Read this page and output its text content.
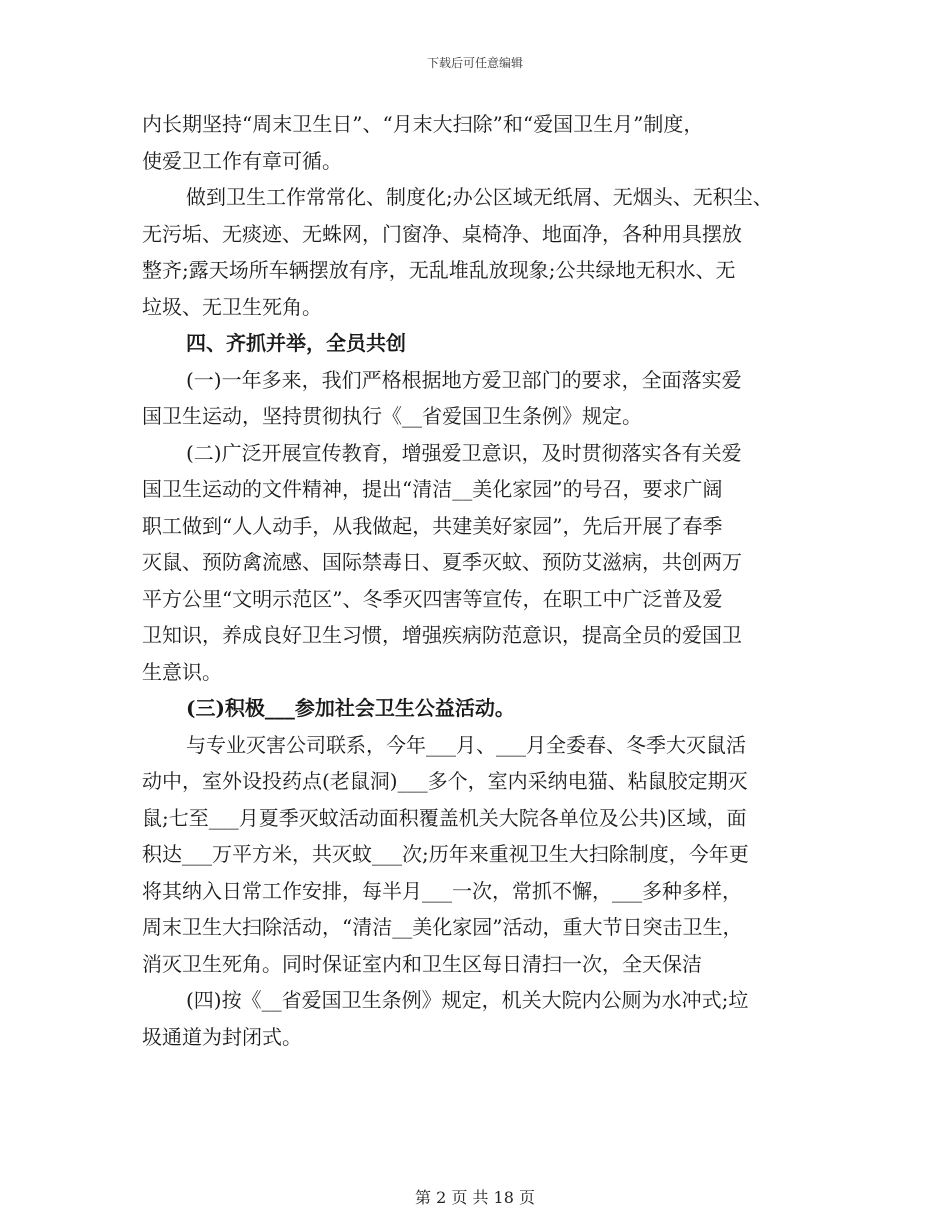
下载后可任意编辑
内长期坚持“周末卫生日”、“月末大扫除”和“爱国卫生月”制度，
使爱卫工作有章可循。
做到卫生工作常常化、制度化;办公区域无纸屑、无烟头、无积尘、
无污垢、无痰迹、无蛛网，门窗净、桌椅净、地面净，各种用具摆放
整齐;露天场所车辆摆放有序，无乱堆乱放现象;公共绿地无积水、无
垃圾、无卫生死角。
四、齐抓并举，全员共创
(一)一年多来，我们严格根据地方爱卫部门的要求，全面落实爱
国卫生运动，坚持贯彻执行《__省爱国卫生条例》规定。
(二)广泛开展宣传教育，增强爱卫意识，及时贯彻落实各有关爱
国卫生运动的文件精神，提出“清洁__美化家园”的号召，要求广阔
职工做到“人人动手，从我做起，共建美好家园”，先后开展了春季
灭鼠、预防禽流感、国际禁毒日、夏季灭蚊、预防艾滋病，共创两万
平方公里“文明示范区”、冬季灭四害等宣传，在职工中广泛普及爱
卫知识，养成良好卫生习惯，增强疾病防范意识，提高全员的爱国卫
生意识。
(三)积极___参加社会卫生公益活动。
与专业灭害公司联系，今年___月、___月全委春、冬季大灭鼠活
动中，室外设投药点(老鼠洞)___多个，室内采纳电猫、粘鼠胶定期灭
鼠;七至___月夏季灭蚊活动面积覆盖机关大院各单位及公共)区域，面
积达___万平方米，共灭蚊___次;历年来重视卫生大扫除制度，今年更
将其纳入日常工作安排，每半月___一次，常抓不懈，___多种多样，
周末卫生大扫除活动，“清洁__美化家园”活动，重大节日突击卫生，
消灭卫生死角。同时保证室内和卫生区每日清扫一次，全天保洁
(四)按《__省爱国卫生条例》规定，机关大院内公厕为水冲式;垃
圾通道为封闭式。
第 2 页 共 18 页
